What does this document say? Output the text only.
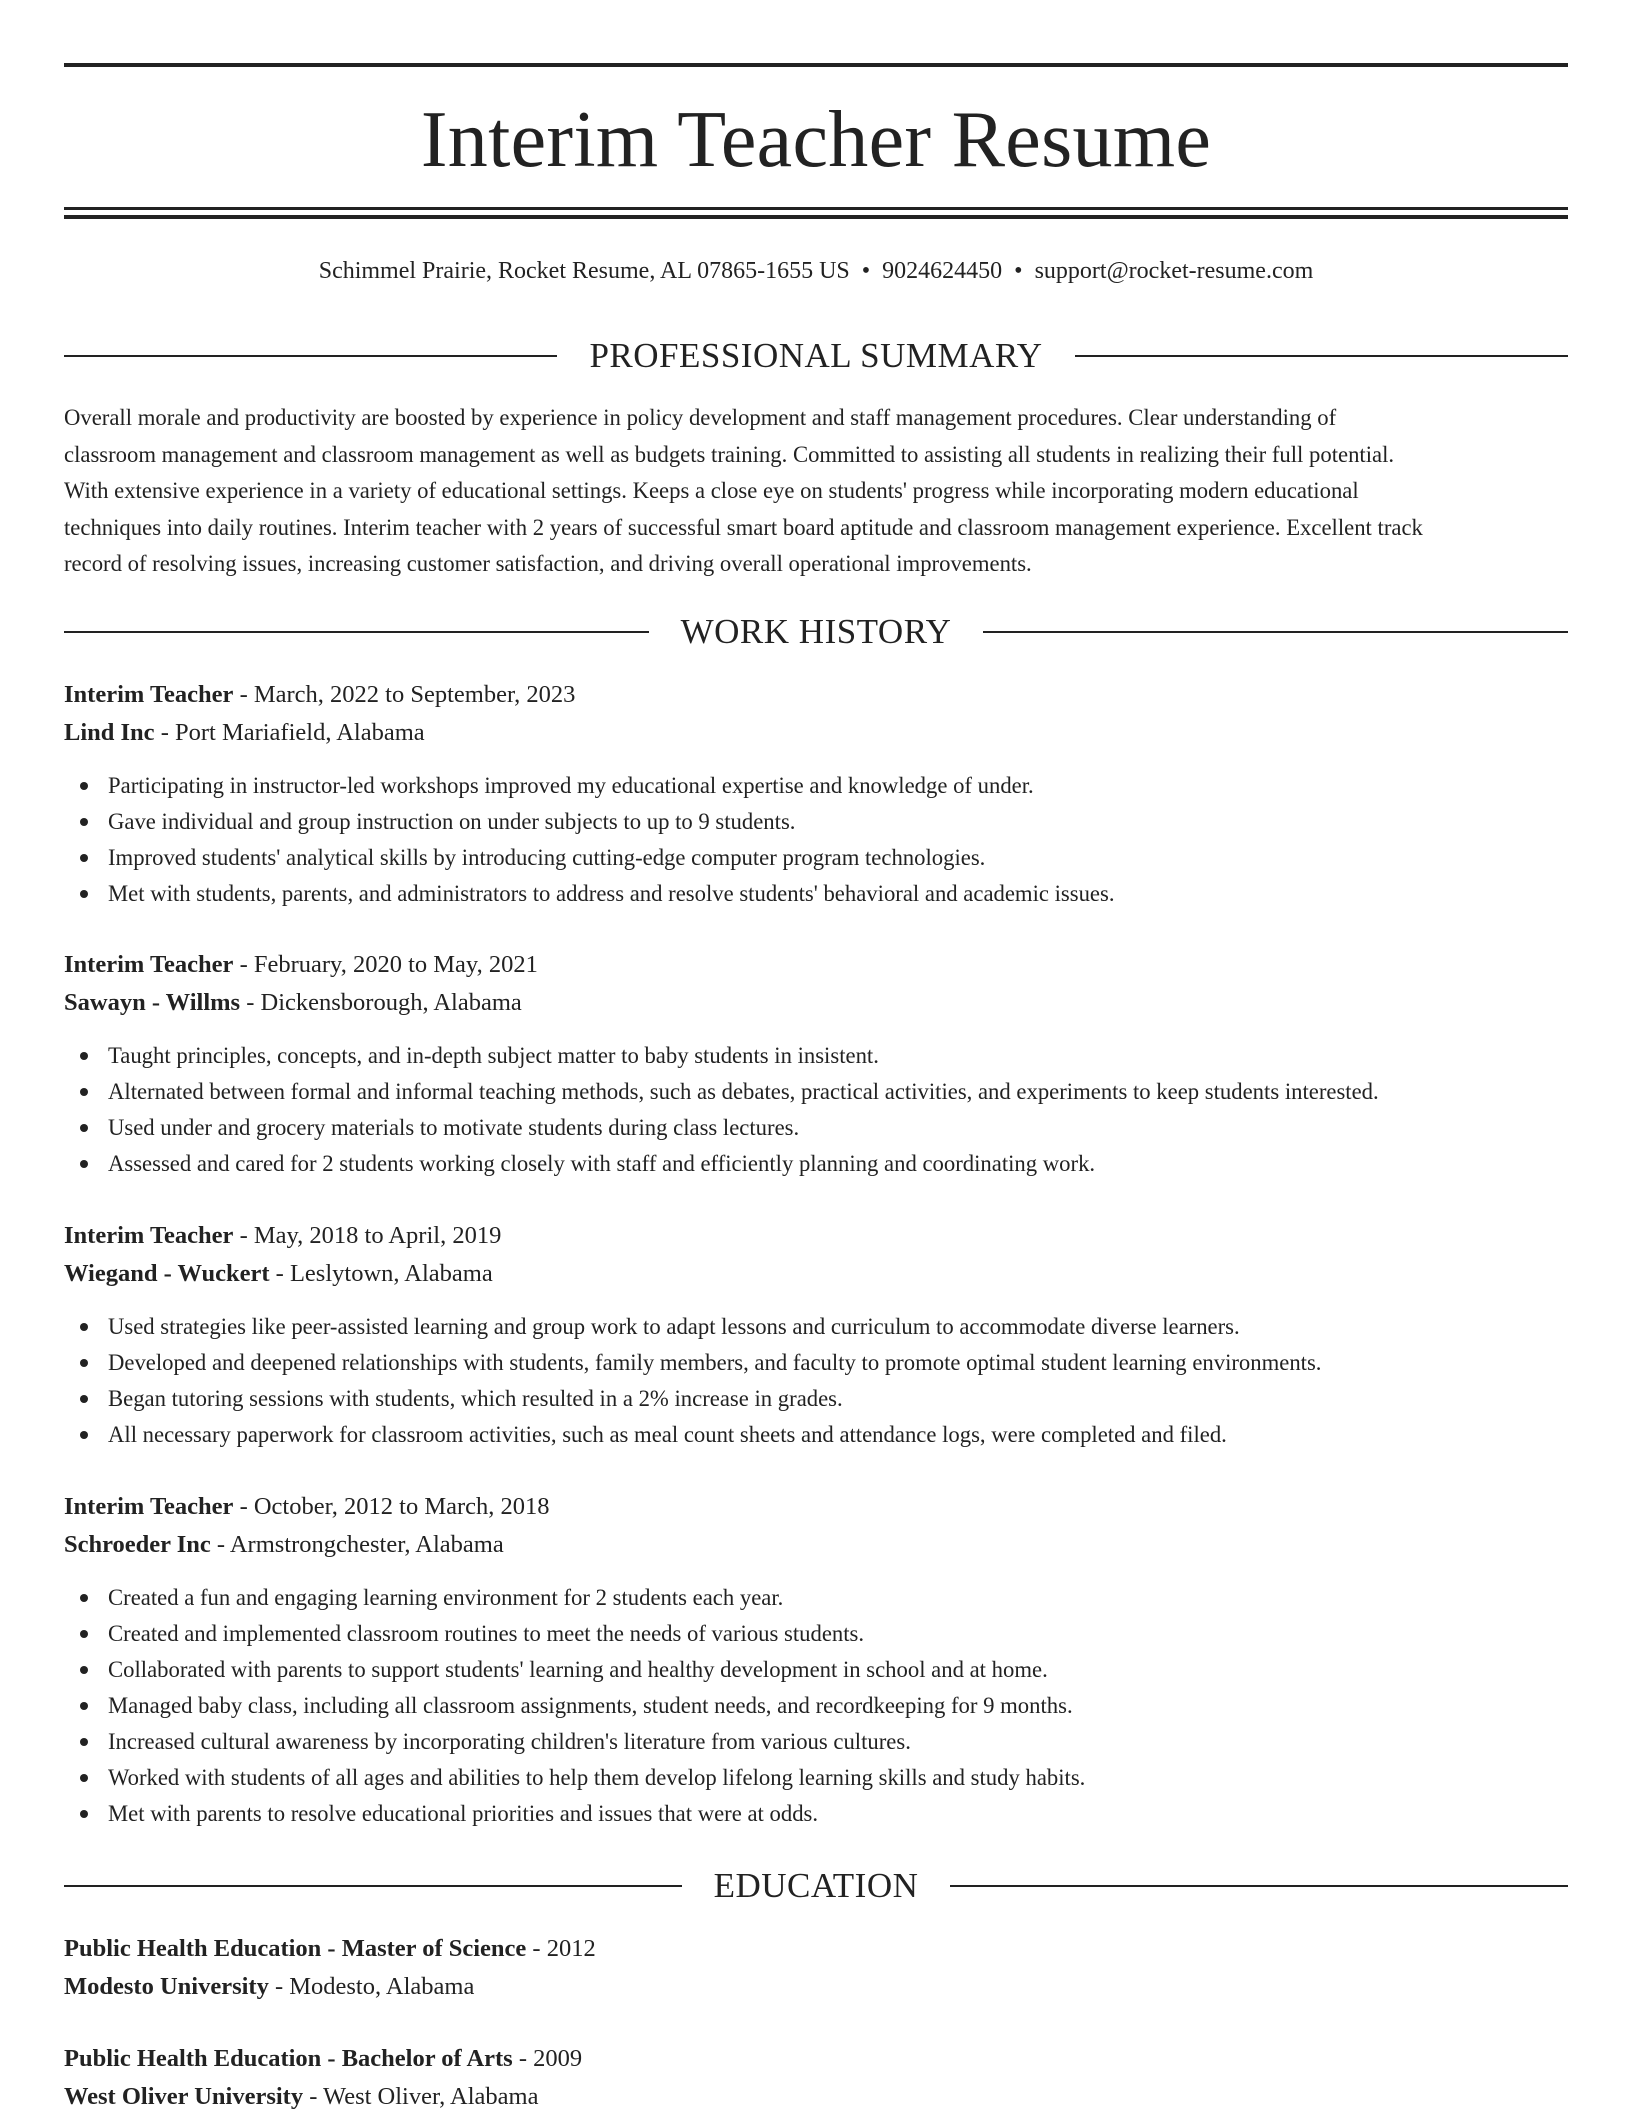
Interim Teacher Resume
Schimmel Prairie, Rocket Resume, AL 07865-1655 US • 9024624450 • support@rocket-resume.com
PROFESSIONAL SUMMARY
Overall morale and productivity are boosted by experience in policy development and staff management procedures. Clear understanding of
classroom management and classroom management as well as budgets training. Committed to assisting all students in realizing their full potential.
With extensive experience in a variety of educational settings. Keeps a close eye on students' progress while incorporating modern educational
techniques into daily routines. Interim teacher with 2 years of successful smart board aptitude and classroom management experience. Excellent track
record of resolving issues, increasing customer satisfaction, and driving overall operational improvements.
WORK HISTORY
Interim Teacher - March, 2022 to September, 2023
Lind Inc - Port Mariafield, Alabama
Participating in instructor-led workshops improved my educational expertise and knowledge of under.
Gave individual and group instruction on under subjects to up to 9 students.
Improved students' analytical skills by introducing cutting-edge computer program technologies.
Met with students, parents, and administrators to address and resolve students' behavioral and academic issues.
Interim Teacher - February, 2020 to May, 2021
Sawayn - Willms - Dickensborough, Alabama
Taught principles, concepts, and in-depth subject matter to baby students in insistent.
Alternated between formal and informal teaching methods, such as debates, practical activities, and experiments to keep students interested.
Used under and grocery materials to motivate students during class lectures.
Assessed and cared for 2 students working closely with staff and efficiently planning and coordinating work.
Interim Teacher - May, 2018 to April, 2019
Wiegand - Wuckert - Leslytown, Alabama
Used strategies like peer-assisted learning and group work to adapt lessons and curriculum to accommodate diverse learners.
Developed and deepened relationships with students, family members, and faculty to promote optimal student learning environments.
Began tutoring sessions with students, which resulted in a 2% increase in grades.
All necessary paperwork for classroom activities, such as meal count sheets and attendance logs, were completed and filed.
Interim Teacher - October, 2012 to March, 2018
Schroeder Inc - Armstrongchester, Alabama
Created a fun and engaging learning environment for 2 students each year.
Created and implemented classroom routines to meet the needs of various students.
Collaborated with parents to support students' learning and healthy development in school and at home.
Managed baby class, including all classroom assignments, student needs, and recordkeeping for 9 months.
Increased cultural awareness by incorporating children's literature from various cultures.
Worked with students of all ages and abilities to help them develop lifelong learning skills and study habits.
Met with parents to resolve educational priorities and issues that were at odds.
EDUCATION
Public Health Education - Master of Science - 2012
Modesto University - Modesto, Alabama
Public Health Education - Bachelor of Arts - 2009
West Oliver University - West Oliver, Alabama
